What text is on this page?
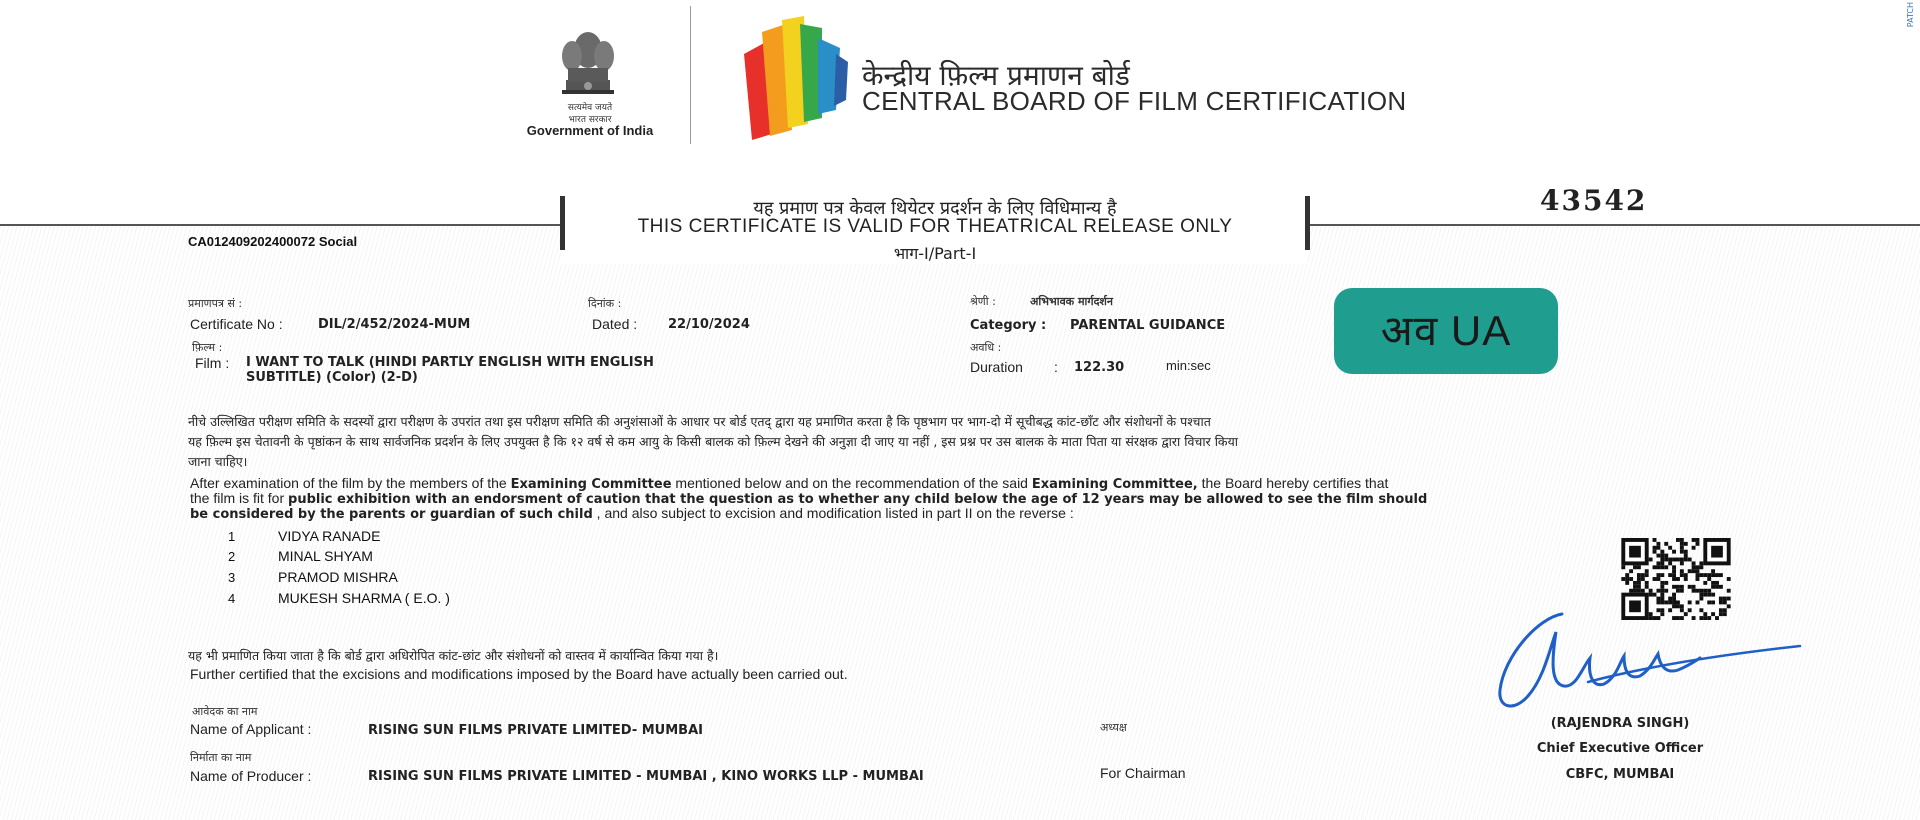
सत्यमेव जयते
भारत सरकार
Government of India
केन्द्रीय फ़िल्म प्रमाणन बोर्ड
CENTRAL BOARD OF FILM CERTIFICATION
यह प्रमाण पत्र केवल थियेटर प्रदर्शन के लिए विधिमान्य है
THIS CERTIFICATE IS VALID FOR THEATRICAL RELEASE ONLY
भाग-I/Part-I
43542
CA012409202400072 Social
प्रमाणपत्र सं :
Certificate No :	DIL/2/452/2024-MUM
दिनांक :
Dated : 22/10/2024
श्रेणी :	अभिभावक मार्गदर्शन
Category : PARENTAL GUIDANCE
फ़िल्म :
Film : I WANT TO TALK (HINDI PARTLY ENGLISH WITH ENGLISH
SUBTITLE) (Color) (2-D)
अवधि :
Duration : 122.30	min:sec
अव UA
नीचे उल्लिखित परीक्षण समिति के सदस्यों द्वारा परीक्षण के उपरांत तथा इस परीक्षण समिति की अनुशंसाओं के आधार पर बोर्ड एतद् द्वारा यह प्रमाणित करता है कि पृष्ठभाग पर भाग-दो में सूचीबद्ध कांट-छाँट और संशोधनों के पश्चात
यह फ़िल्म इस चेतावनी के पृष्ठांकन के साथ सार्वजनिक प्रदर्शन के लिए उपयुक्त है कि १२ वर्ष से कम आयु के किसी बालक को फ़िल्म देखने की अनुज्ञा दी जाए या नहीं , इस प्रश्न पर उस बालक के माता पिता या संरक्षक द्वारा विचार किया
जाना चाहिए।
After examination of the film by the members of the Examining Committee mentioned below and on the recommendation of the said Examining Committee, the Board hereby certifies that
the film is fit for public exhibition with an endorsment of caution that the question as to whether any child below the age of 12 years may be allowed to see the film should
be considered by the parents or guardian of such child , and also subject to excision and modification listed in part II on the reverse :
1	VIDYA RANADE
2	MINAL SHYAM
3	PRAMOD MISHRA
4	MUKESH SHARMA ( E.O. )
यह भी प्रमाणित किया जाता है कि बोर्ड द्वारा अधिरोपित कांट-छांट और संशोधनों को वास्तव में कार्यान्वित किया गया है।
Further certified that the excisions and modifications imposed by the Board have actually been carried out.
आवेदक का नाम
Name of Applicant :	RISING SUN FILMS PRIVATE LIMITED- MUMBAI	अध्यक्ष
निर्माता का नाम
Name of Producer :	RISING SUN FILMS PRIVATE LIMITED - MUMBAI , KINO WORKS LLP - MUMBAI	For Chairman
(RAJENDRA SINGH)
Chief Executive Officer
CBFC, MUMBAI
PATCH
